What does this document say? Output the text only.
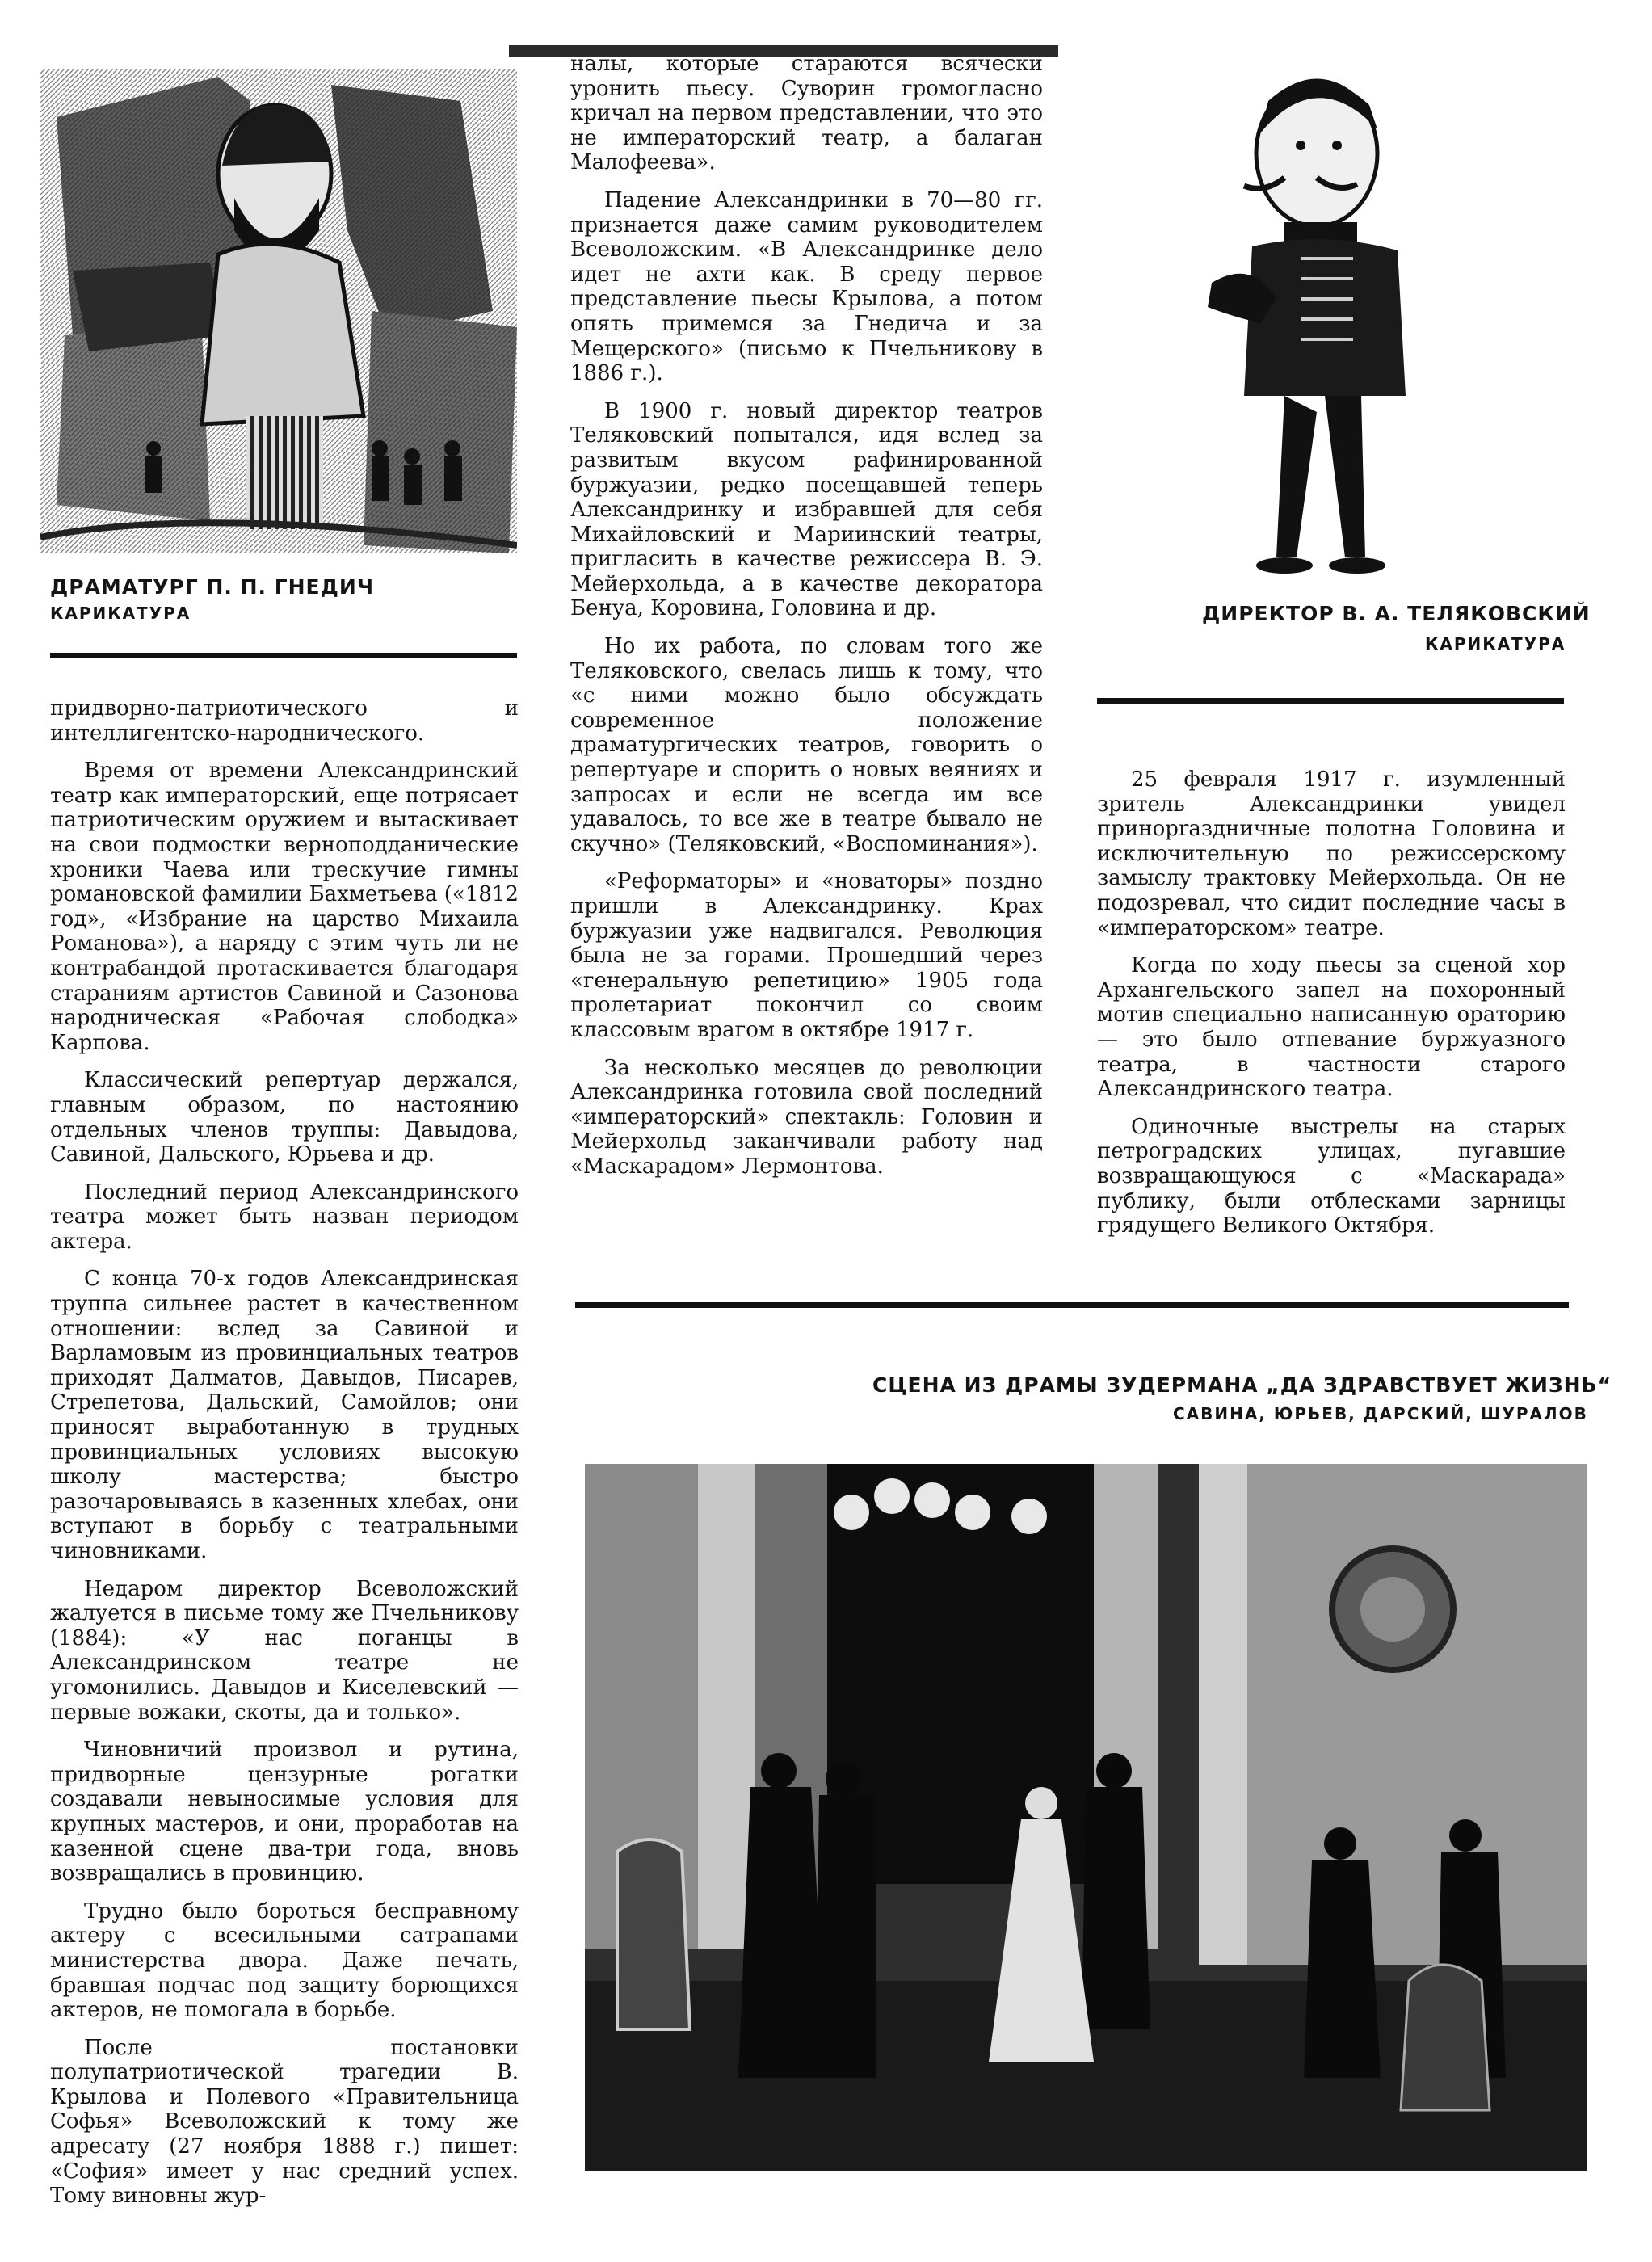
ДРАМАТУРГ П. П. ГНЕДИЧ
КАРИКАТУРА

придворно-патриотического и интеллигентско-народнического.

Время от времени Александринский театр как императорский, еще потрясает патриотическим оружием и вытаскивает на свои подмостки верноподданические хроники Чаева или трескучие гимны романовской фамилии Бахметьева («1812 год», «Избрание на царство Михаила Романова»), а наряду с этим чуть ли не контрабандой протаскивается благодаря стараниям артистов Савиной и Сазонова народническая «Рабочая слободка» Карпова.

Классический репертуар держался, главным образом, по настоянию отдельных членов труппы: Давыдова, Савиной, Дальского, Юрьева и др.

Последний период Александринского театра может быть назван периодом актера.

С конца 70-х годов Александринская труппа сильнее растет в качественном отношении: вслед за Савиной и Варламовым из провинциальных театров приходят Далматов, Давыдов, Писарев, Стрепетова, Дальский, Самойлов; они приносят выработанную в трудных провинциальных условиях высокую школу мастерства; быстро разочаровываясь в казенных хлебах, они вступают в борьбу с театральными чиновниками.

Недаром директор Всеволожский жалуется в письме тому же Пчельникову (1884): «У нас поганцы в Александринском театре не угомонились. Давыдов и Киселевский — первые вожаки, скоты, да и только».

Чиновничий произвол и рутина, придворные цензурные рогатки создавали невыносимые условия для крупных мастеров, и они, проработав на казенной сцене два-три года, вновь возвращались в провинцию.

Трудно было бороться бесправному актеру с всесильными сатрапами министерства двора. Даже печать, бравшая подчас под защиту борющихся актеров, не помогала в борьбе.

После постановки полупатриотической трагедии В. Крылова и Полевого «Правительница Софья» Всеволожский к тому же адресату (27 ноября 1888 г.) пишет: «София» имеет у нас средний успех. Тому виновны жур-

налы, которые стараются всячески уронить пьесу. Суворин громогласно кричал на первом представлении, что это не императорский театр, а балаган Малофеева».

Падение Александринки в 70—80 гг. признается даже самим руководителем Всеволожским. «В Александринке дело идет не ахти как. В среду первое представление пьесы Крылова, а потом опять примемся за Гнедича и за Мещерского» (письмо к Пчельникову в 1886 г.).

В 1900 г. новый директор театров Теляковский попытался, идя вслед за развитым вкусом рафинированной буржуазии, редко посещавшей теперь Александринку и избравшей для себя Михайловский и Мариинский театры, пригласить в качестве режиссера В. Э. Мейерхольда, а в качестве декоратора Бенуа, Коровина, Головина и др.

Но их работа, по словам того же Теляковского, свелась лишь к тому, что «с ними можно было обсуждать современное положение драматургических театров, говорить о репертуаре и спорить о новых веяниях и запросах и если не всегда им все удавалось, то все же в театре бывало не скучно» (Теляковский, «Воспоминания»).

«Реформаторы» и «новаторы» поздно пришли в Александринку. Крах буржуазии уже надвигался. Революция была не за горами. Прошедший через «генеральную репетицию» 1905 года пролетариат покончил со своим классовым врагом в октябре 1917 г.

За несколько месяцев до революции Александринка готовила свой последний «императорский» спектакль: Головин и Мейерхольд заканчивали работу над «Маскарадом» Лермонтова.

ДИРЕКТОР В. А. ТЕЛЯКОВСКИЙ
КАРИКАТУРА

25 февраля 1917 г. изумленный зритель Александринки увидел приноpraздничные полотна Головина и исключительную по режиссерскому замыслу трактовку Мейерхольда. Он не подозревал, что сидит последние часы в «императорском» театре.

Когда по ходу пьесы за сценой хор Архангельского запел на похоронный мотив специально написанную ораторию — это было отпевание буржуазного театра, в частности старого Александринского театра.

Одиночные выстрелы на старых петроградских улицах, пугавшие возвращающуюся с «Маскарада» публику, были отблесками зарницы грядущего Великого Октября.

СЦЕНА ИЗ ДРАМЫ ЗУДЕРМАНА „ДА ЗДРАВСТВУЕТ ЖИЗНЬ“
САВИНА, ЮРЬЕВ, ДАРСКИЙ, ШУРАЛОВ
